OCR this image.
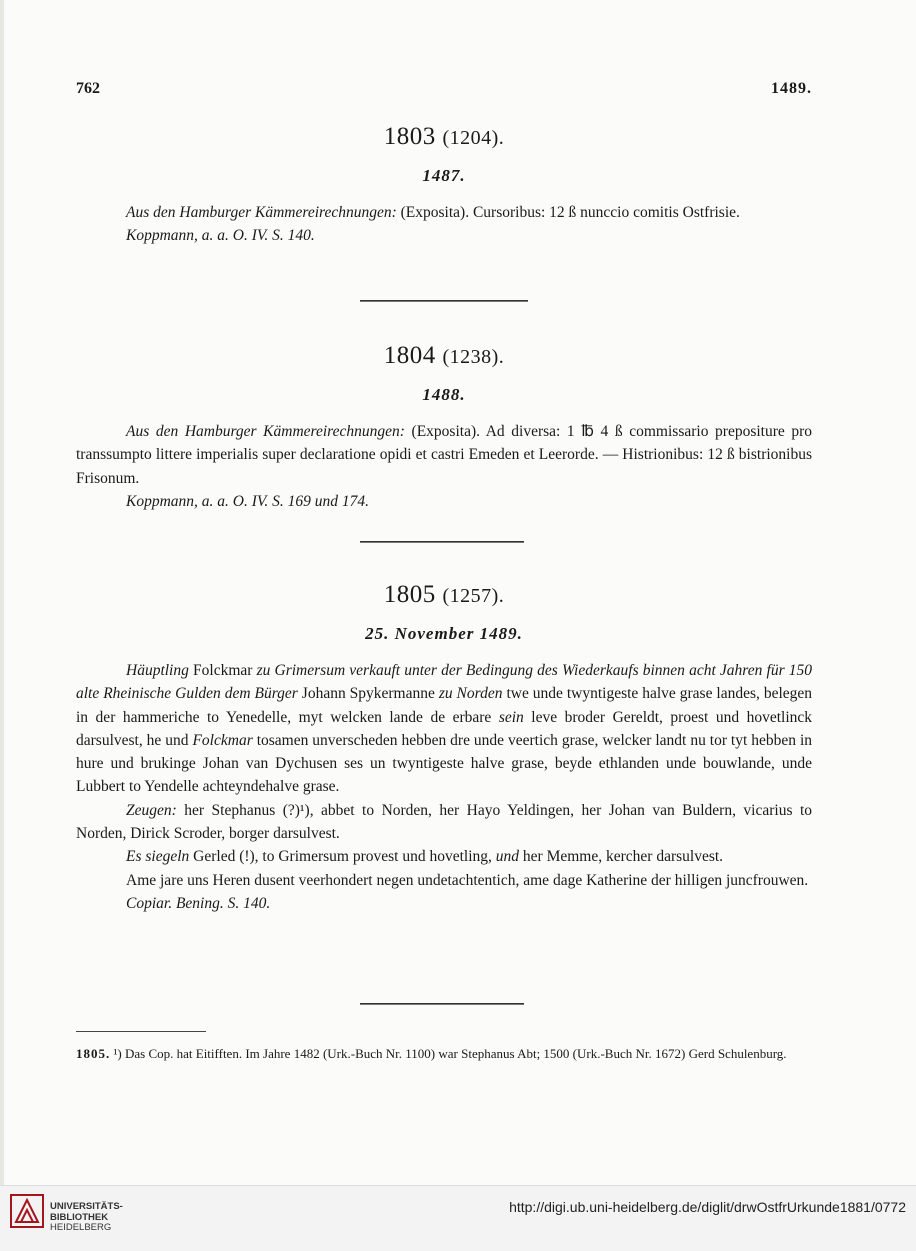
762	1489.
1803 (1204).
1487.

Aus den Hamburger Kämmereirechnungen: (Exposita). Cursoribus: 12 ß nunccio comitis Ostfrisie.

Koppmann, a. a. O. IV. S. 140.

1804 (1238).
1488.

Aus den Hamburger Kämmereirechnungen: (Exposita). Ad diversa: 1 ℔ 4 ß commissario prepositure pro transsumpto littere imperialis super declaratione opidi et castri Emeden et Leerorde. — Histrionibus: 12 ß bistrionibus Frisonum.

Koppmann, a. a. O. IV. S. 169 und 174.

1805 (1257).
25. November 1489.

Häuptling Folckmar zu Grimersum verkauft unter der Bedingung des Wiederkaufs binnen acht Jahren für 150 alte Rheinische Gulden dem Bürger Johann Spykermanne zu Norden twe unde twyntigeste halve grase landes, belegen in der hammeriche to Yenedelle, myt welcken lande de erbare sein leve broder Gereldt, proest und hovetlinck darsulvest, he und Folckmar tosamen unverscheden hebben dre unde veertich grase, welcker landt nu tor tyt hebben in hure und brukinge Johan van Dychusen ses un twyntigeste halve grase, beyde ethlanden unde bouwlande, unde Lubbert to Yendelle achteyndehalve grase.

Zeugen: her Stephanus (?)¹), abbet to Norden, her Hayo Yeldingen, her Johan van Buldern, vicarius to Norden, Dirick Scroder, borger darsulvest.

Es siegeln Gerled (!), to Grimersum provest und hovetling, und her Memme, kercher darsulvest.

Ame jare uns Heren dusent veerhondert negen undetachtentich, ame dage Katherine der hilligen juncfrouwen.

Copiar. Bening. S. 140.

1805. ¹) Das Cop. hat Eitifften. Im Jahre 1482 (Urk.-Buch Nr. 1100) war Stephanus Abt; 1500 (Urk.-Buch Nr. 1672) Gerd Schulenburg.
UNIVERSITÄTS-
BIBLIOTHEK
HEIDELBERG
http://digi.ub.uni-heidelberg.de/diglit/drwOstfrUrkunde1881/0772
